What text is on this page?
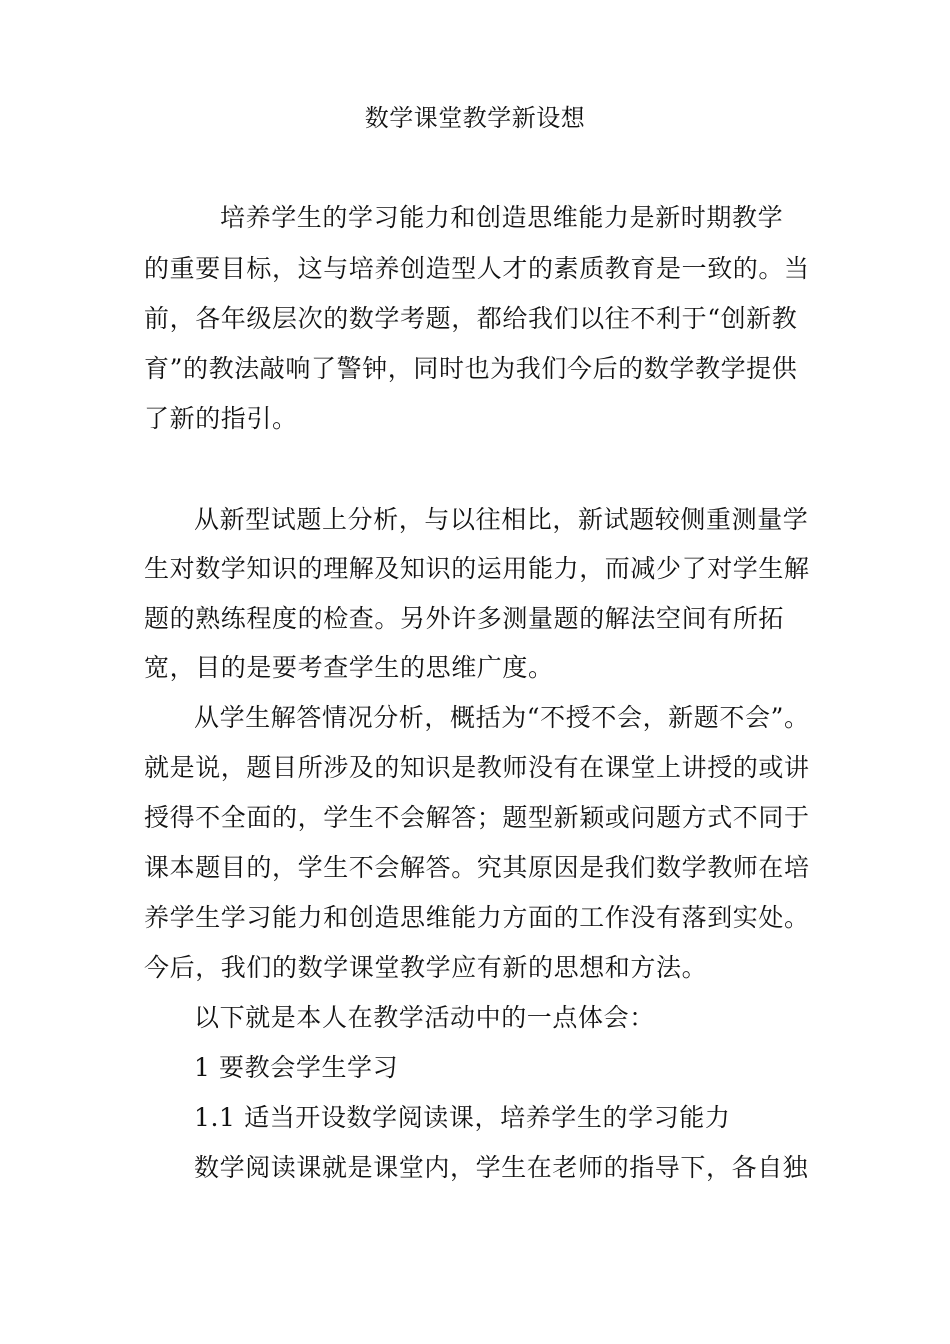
数学课堂教学新设想
培养学生的学习能力和创造思维能力是新时期教学
的重要目标，这与培养创造型人才的素质教育是一致的。当
前，各年级层次的数学考题，都给我们以往不利于“创新教
育”的教法敲响了警钟，同时也为我们今后的数学教学提供
了新的指引。
从新型试题上分析，与以往相比，新试题较侧重测量学
生对数学知识的理解及知识的运用能力，而减少了对学生解
题的熟练程度的检查。另外许多测量题的解法空间有所拓
宽，目的是要考查学生的思维广度。
从学生解答情况分析，概括为“不授不会，新题不会”。
就是说，题目所涉及的知识是教师没有在课堂上讲授的或讲
授得不全面的，学生不会解答；题型新颖或问题方式不同于
课本题目的，学生不会解答。究其原因是我们数学教师在培
养学生学习能力和创造思维能力方面的工作没有落到实处。
今后，我们的数学课堂教学应有新的思想和方法。
以下就是本人在教学活动中的一点体会：
1 要教会学生学习
1.1 适当开设数学阅读课，培养学生的学习能力
数学阅读课就是课堂内，学生在老师的指导下，各自独
